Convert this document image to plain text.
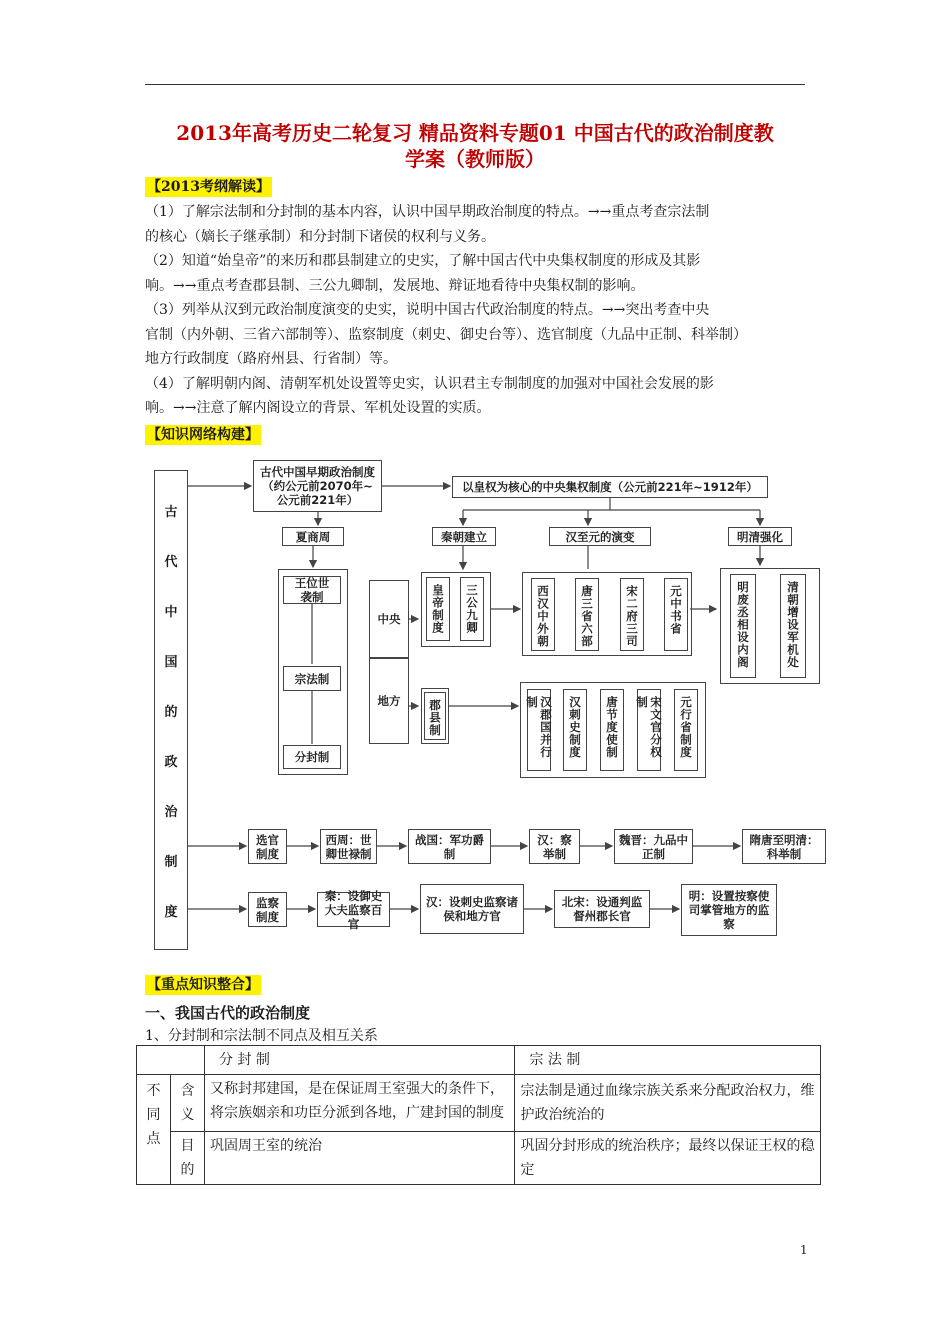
2013年高考历史二轮复习 精品资料专题01 中国古代的政治制度教
学案（教师版）
【2013考纲解读】
（1）了解宗法制和分封制的基本内容，认识中国早期政治制度的特点。→→重点考查宗法制
的核心（嫡长子继承制）和分封制下诸侯的权利与义务。
（2）知道“始皇帝”的来历和郡县制建立的史实，了解中国古代中央集权制度的形成及其影
响。→→重点考查郡县制、三公九卿制，发展地、辩证地看待中央集权制的影响。
（3）列举从汉到元政治制度演变的史实，说明中国古代政治制度的特点。→→突出考查中央
官制（内外朝、三省六部制等）、监察制度（刺史、御史台等）、选官制度（九品中正制、科举制）
地方行政制度（路府州县、行省制）等。
（4）了解明朝内阁、清朝军机处设置等史实，认识君主专制制度的加强对中国社会发展的影
响。→→注意了解内阁设立的背景、军机处设置的实质。
【知识网络构建】
古
代
中
国
的
政
治
制
度
古代中国早期政治制度（约公元前2070年~公元前221年）
以皇权为核心的中央集权制度（公元前221年~1912年）
夏商周	秦朝建立	汉至元的演变	明清强化
王位世袭制
宗法制
分封制
中央
地方
皇帝制度 三公九卿	西汉中外朝	唐三省六部	宋二府三司	元中书省	明废丞相设内阁	清朝增设军机处
郡县制	汉郡国并行制	汉刺史制度 唐节度使制	宋文官分权制	元行省制度
选官制度
西周：世卿世禄制
战国：军功爵制
汉：察举制
魏晋：九品中正制
隋唐至明清：科举制
监察制度
秦：设御史大夫监察百官
汉：设刺史监察诸侯和地方官
北宋：设通判监督州郡长官
明：设置按察使司掌管地方的监察
【重点知识整合】
一、我国古代的政治制度
1、分封制和宗法制不同点及相互关系
		分 封 制	宗 法 制
不同点	含义	又称封邦建国，是在保证周王室强大的条件下，将宗族姻亲和功臣分派到各地，广建封国的制度	宗法制是通过血缘宗族关系来分配政治权力，维护政治统治的
	目的	巩固周王室的统治	巩固分封形成的统治秩序；最终以保证王权的稳定
1
